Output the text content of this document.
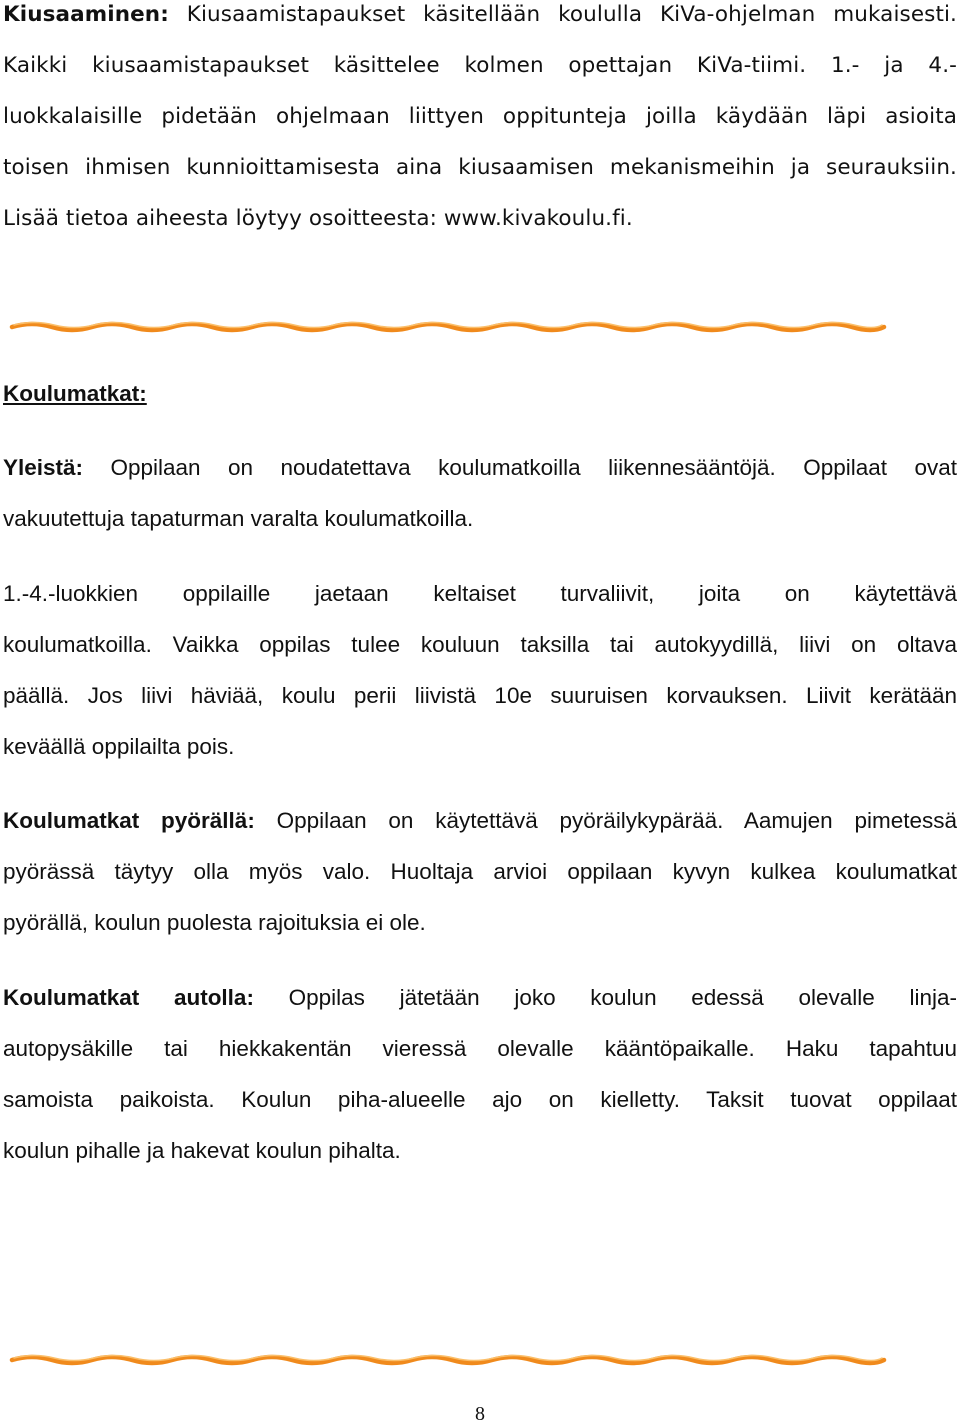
Kiusaaminen: Kiusaamistapaukset käsitellään koululla KiVa-ohjelman mukaisesti.
Kaikki kiusaamistapaukset käsittelee kolmen opettajan KiVa-tiimi. 1.- ja 4.-
luokkalaisille pidetään ohjelmaan liittyen oppitunteja joilla käydään läpi asioita
toisen ihmisen kunnioittamisesta aina kiusaamisen mekanismeihin ja seurauksiin.
Lisää tietoa aiheesta löytyy osoitteesta: www.kivakoulu.fi.
Koulumatkat:
Yleistä: Oppilaan on noudatettava koulumatkoilla liikennesääntöjä. Oppilaat ovat
vakuutettuja tapaturman varalta koulumatkoilla.
1.-4.-luokkien oppilaille jaetaan keltaiset turvaliivit, joita on käytettävä
koulumatkoilla. Vaikka oppilas tulee kouluun taksilla tai autokyydillä, liivi on oltava
päällä. Jos liivi häviää, koulu perii liivistä 10e suuruisen korvauksen. Liivit kerätään
keväällä oppilailta pois.
Koulumatkat pyörällä: Oppilaan on käytettävä pyöräilykypärää. Aamujen pimetessä
pyörässä täytyy olla myös valo. Huoltaja arvioi oppilaan kyvyn kulkea koulumatkat
pyörällä, koulun puolesta rajoituksia ei ole.
Koulumatkat autolla: Oppilas jätetään joko koulun edessä olevalle linja-
autopysäkille tai hiekkakentän vieressä olevalle kääntöpaikalle. Haku tapahtuu
samoista paikoista. Koulun piha-alueelle ajo on kielletty. Taksit tuovat oppilaat
koulun pihalle ja hakevat koulun pihalta.
8
